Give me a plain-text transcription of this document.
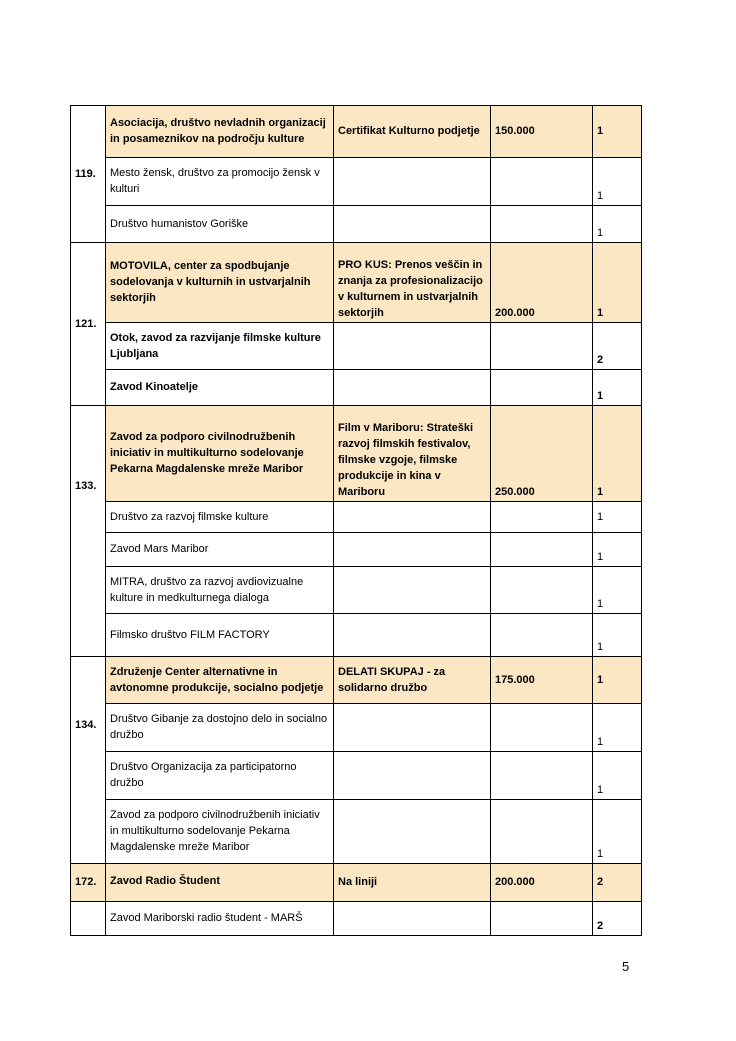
119.	Asociacija, društvo nevladnih organizacij in posameznikov na področju kulture	Certifikat Kulturno podjetje	150.000	1
	Mesto žensk, društvo za promocijo žensk v kulturi			1
	Društvo humanistov Goriške			1
121.	MOTOVILA, center za spodbujanje sodelovanja v kulturnih in ustvarjalnih sektorjih	PRO KUS: Prenos veščin in znanja za profesionalizacijo v kulturnem in ustvarjalnih sektorjih	200.000	1
	Otok, zavod za razvijanje filmske kulture Ljubljana			2
	Zavod Kinoatelje			1
133.	Zavod za podporo civilnodružbenih iniciativ in multikulturno sodelovanje Pekarna Magdalenske mreže Maribor	Film v Mariboru: Strateški razvoj filmskih festivalov, filmske vzgoje, filmske produkcije in kina v Mariboru	250.000	1
	Društvo za razvoj filmske kulture			1
	Zavod Mars Maribor			1
	MITRA, društvo za razvoj avdiovizualne kulture in medkulturnega dialoga			1
	Filmsko društvo FILM FACTORY			1
134.	Združenje Center alternativne in avtonomne produkcije, socialno podjetje	DELATI SKUPAJ - za solidarno družbo	175.000	1
	Društvo Gibanje za dostojno delo in socialno družbo			1
	Društvo Organizacija za participatorno družbo			1
	Zavod za podporo civilnodružbenih iniciativ in multikulturno sodelovanje Pekarna Magdalenske mreže Maribor			1
172.	Zavod Radio Študent	Na liniji	200.000	2
	Zavod Mariborski radio študent - MARŠ			2
5
